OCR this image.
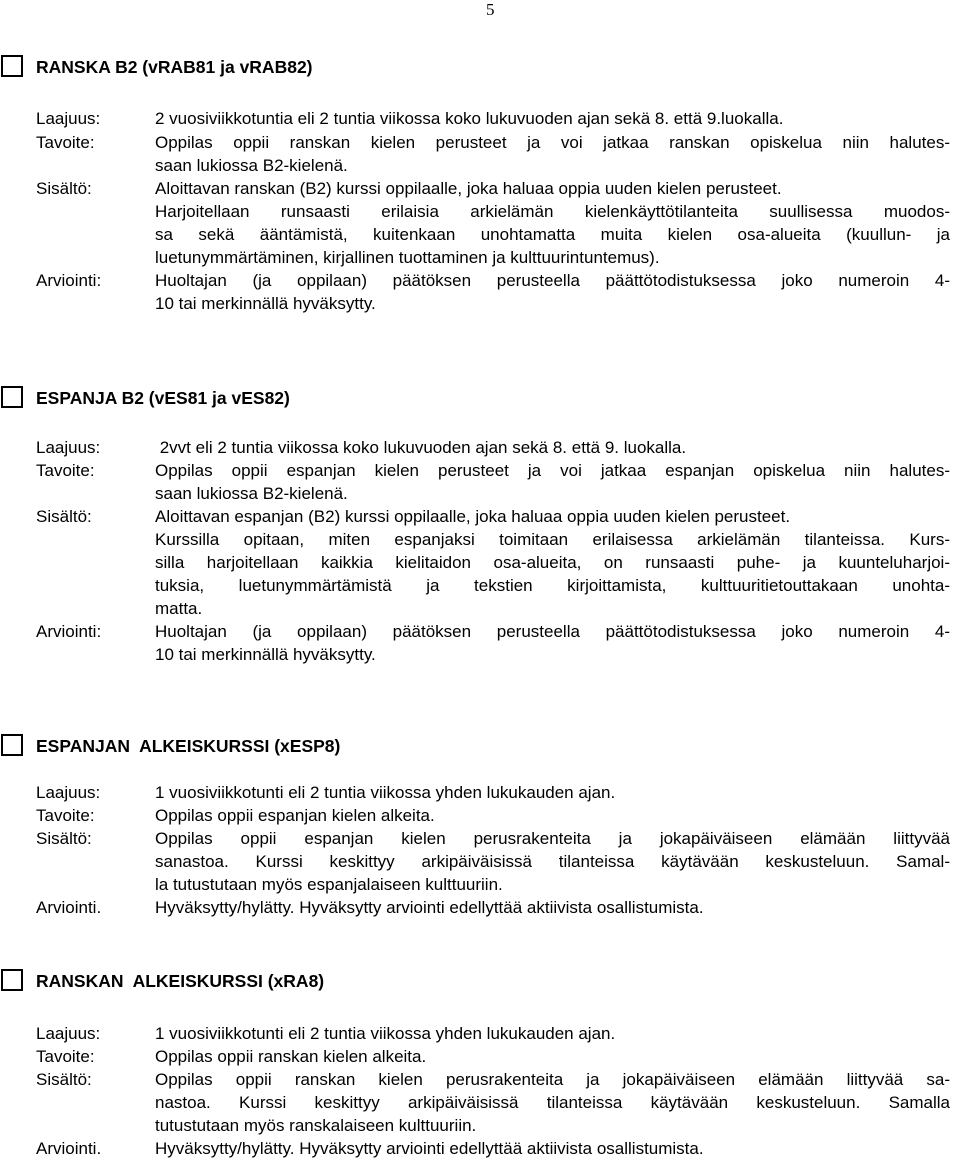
5
RANSKA B2 (vRAB81 ja vRAB82)
Laajuus:	2 vuosiviikkotuntia eli 2 tuntia viikossa koko lukuvuoden ajan sekä 8. että 9.luokalla.

Tavoite:	Oppilas oppii ranskan kielen perusteet ja voi jatkaa ranskan opiskelua niin halutes-

saan lukiossa B2-kielenä.

Sisältö:	Aloittavan ranskan (B2) kurssi oppilaalle, joka haluaa oppia uuden kielen perusteet.

Harjoitellaan runsaasti erilaisia arkielämän kielenkäyttötilanteita suullisessa muodos-

sa sekä ääntämistä, kuitenkaan unohtamatta muita kielen osa-alueita (kuullun- ja

luetunymmärtäminen, kirjallinen tuottaminen ja kulttuurintuntemus).

Arviointi:	Huoltajan (ja oppilaan) päätöksen perusteella päättötodistuksessa joko numeroin 4-

10 tai merkinnällä hyväksytty.

ESPANJA B2 (vES81 ja vES82)
Laajuus:	2vvt eli 2 tuntia viikossa koko lukuvuoden ajan sekä 8. että 9. luokalla.

Tavoite:	Oppilas oppii espanjan kielen perusteet ja voi jatkaa espanjan opiskelua niin halutes-

saan lukiossa B2-kielenä.

Sisältö:	Aloittavan espanjan (B2) kurssi oppilaalle, joka haluaa oppia uuden kielen perusteet.

Kurssilla opitaan, miten espanjaksi toimitaan erilaisessa arkielämän tilanteissa. Kurs-

silla harjoitellaan kaikkia kielitaidon osa-alueita, on runsaasti puhe- ja kuunteluharjoi-

tuksia, luetunymmärtämistä ja tekstien kirjoittamista, kulttuuritietouttakaan unohta-

matta.

Arviointi:	Huoltajan (ja oppilaan) päätöksen perusteella päättötodistuksessa joko numeroin 4-

10 tai merkinnällä hyväksytty.

ESPANJAN  ALKEISKURSSI (xESP8)
Laajuus:	1 vuosiviikkotunti eli 2 tuntia viikossa yhden lukukauden ajan.

Tavoite:	Oppilas oppii espanjan kielen alkeita.

Sisältö:	Oppilas oppii espanjan kielen perusrakenteita ja jokapäiväiseen elämään liittyvää

sanastoa. Kurssi keskittyy arkipäiväisissä tilanteissa käytävään keskusteluun. Samal-

la tutustutaan myös espanjalaiseen kulttuuriin.

Arviointi.	Hyväksytty/hylätty. Hyväksytty arviointi edellyttää aktiivista osallistumista.

RANSKAN  ALKEISKURSSI (xRA8)
Laajuus:	1 vuosiviikkotunti eli 2 tuntia viikossa yhden lukukauden ajan.

Tavoite:	Oppilas oppii ranskan kielen alkeita.

Sisältö:	Oppilas oppii ranskan kielen perusrakenteita ja jokapäiväiseen elämään liittyvää sa-

nastoa. Kurssi keskittyy arkipäiväisissä tilanteissa käytävään keskusteluun. Samalla

tutustutaan myös ranskalaiseen kulttuuriin.

Arviointi.	Hyväksytty/hylätty. Hyväksytty arviointi edellyttää aktiivista osallistumista.
